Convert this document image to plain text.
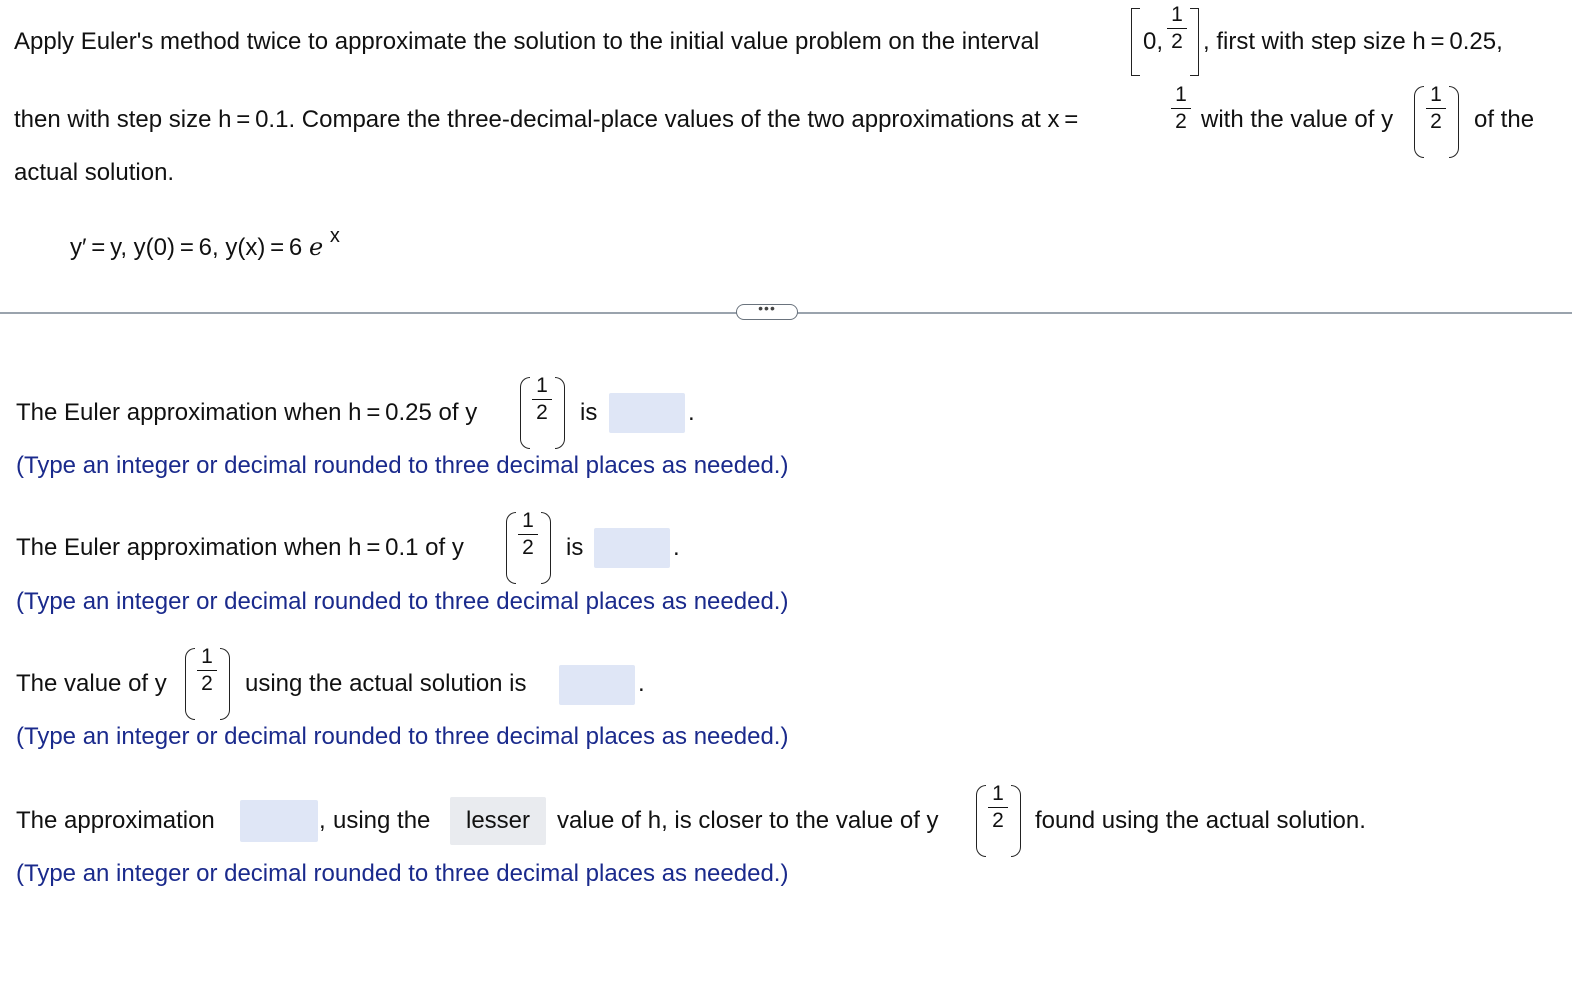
Apply Euler's method twice to approximate the solution to the initial value problem on the interval	0,
1
2 , first with step size h = 0.25,
then with step size h = 0.1. Compare the three-decimal-place values of the two approximations at x =
1
2 with the value of y
1
2 of the
actual solution.
y′ = y, y(0) = 6, y(x) = 6 e $^x$
•••
The Euler approximation when h = 0.25 of y
1
2 is	.
(Type an integer or decimal rounded to three decimal places as needed.)
The Euler approximation when h = 0.1 of y
1
2 is	.
(Type an integer or decimal rounded to three decimal places as needed.)
The value of y
1
2 using the actual solution is	.
(Type an integer or decimal rounded to three decimal places as needed.)
The approximation	, using the	lesser	value of h, is closer to the value of y
1
2 found using the actual solution.
(Type an integer or decimal rounded to three decimal places as needed.)
